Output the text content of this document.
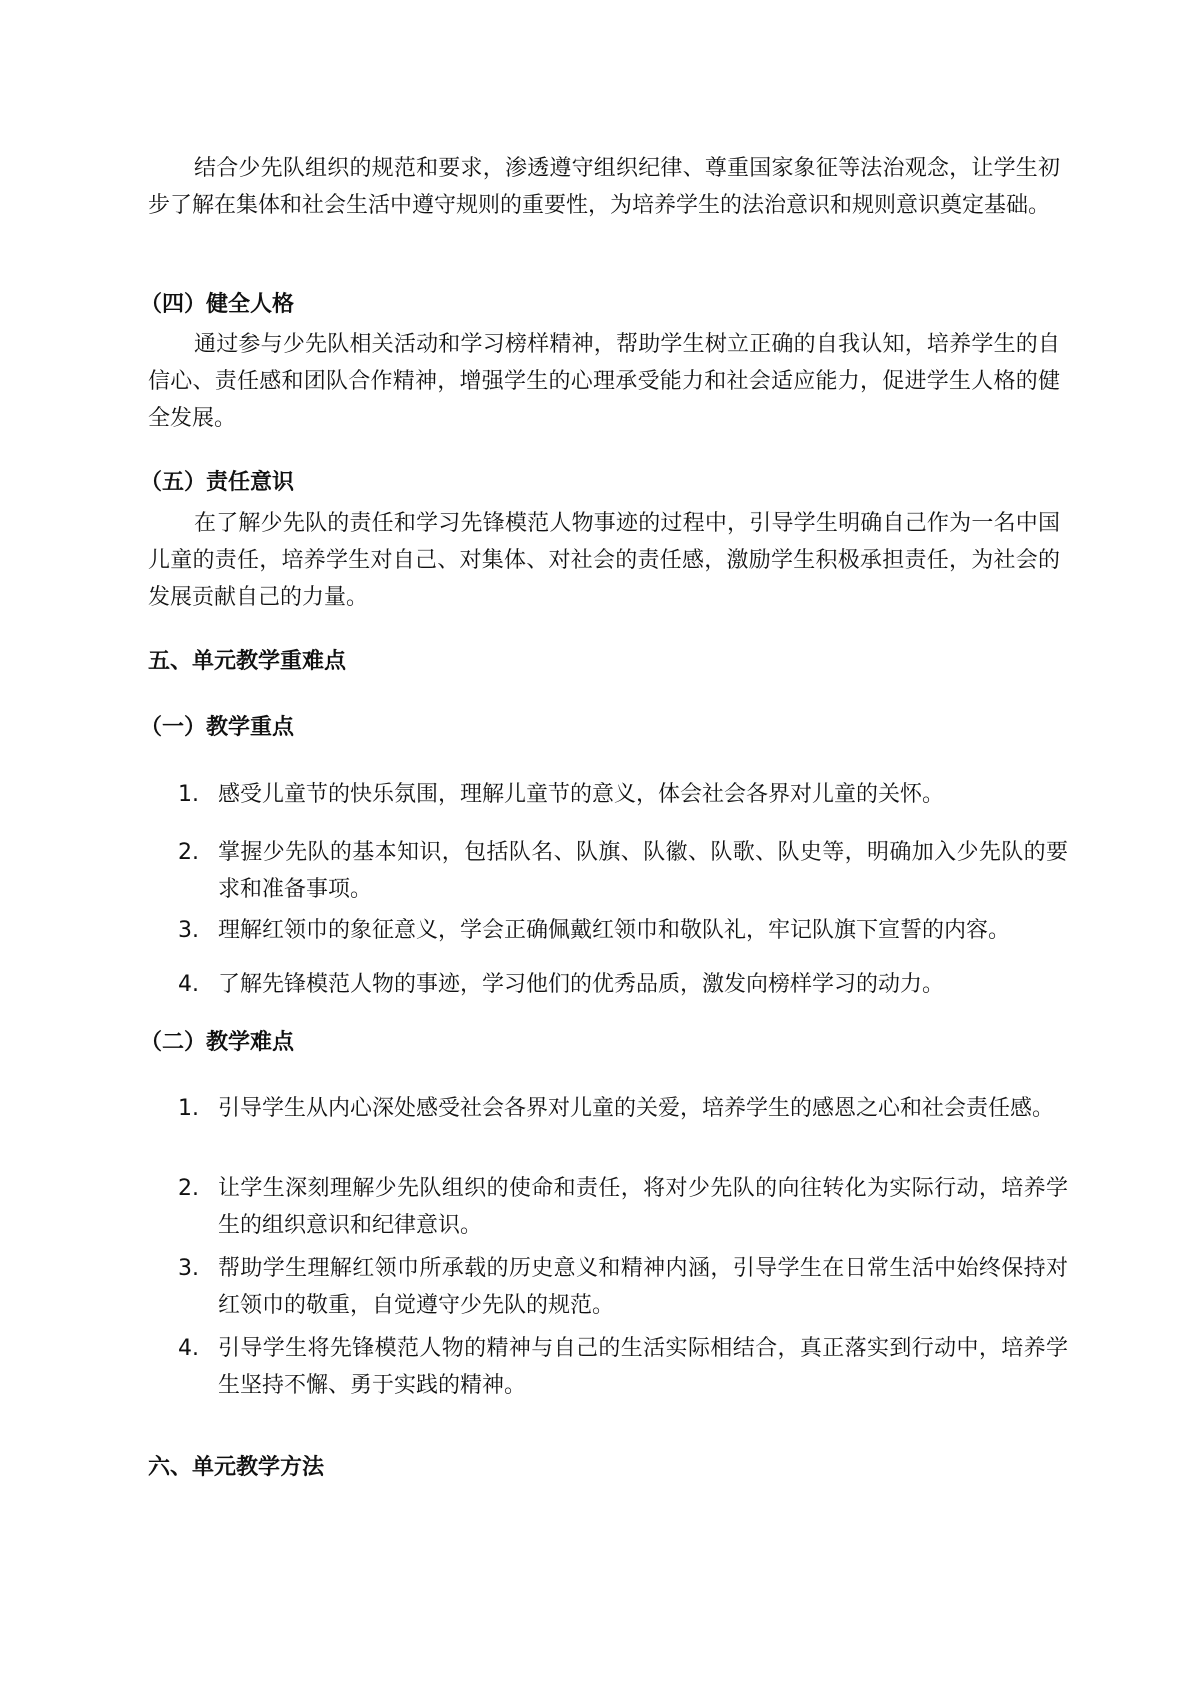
结合少先队组织的规范和要求，渗透遵守组织纪律、尊重国家象征等法治观念，让学生初步了解在集体和社会生活中遵守规则的重要性，为培养学生的法治意识和规则意识奠定基础。

（四）健全人格

通过参与少先队相关活动和学习榜样精神，帮助学生树立正确的自我认知，培养学生的自信心、责任感和团队合作精神，增强学生的心理承受能力和社会适应能力，促进学生人格的健全发展。

（五）责任意识

在了解少先队的责任和学习先锋模范人物事迹的过程中，引导学生明确自己作为一名中国儿童的责任，培养学生对自己、对集体、对社会的责任感，激励学生积极承担责任，为社会的发展贡献自己的力量。

五、单元教学重难点
（一）教学重点
1. 感受儿童节的快乐氛围，理解儿童节的意义，体会社会各界对儿童的关怀。
2. 掌握少先队的基本知识，包括队名、队旗、队徽、队歌、队史等，明确加入少先队的要求和准备事项。
3. 理解红领巾的象征意义，学会正确佩戴红领巾和敬队礼，牢记队旗下宣誓的内容。
4. 了解先锋模范人物的事迹，学习他们的优秀品质，激发向榜样学习的动力。
（二）教学难点
1. 引导学生从内心深处感受社会各界对儿童的关爱，培养学生的感恩之心和社会责任感。
2. 让学生深刻理解少先队组织的使命和责任，将对少先队的向往转化为实际行动，培养学生的组织意识和纪律意识。
3. 帮助学生理解红领巾所承载的历史意义和精神内涵，引导学生在日常生活中始终保持对红领巾的敬重，自觉遵守少先队的规范。
4. 引导学生将先锋模范人物的精神与自己的生活实际相结合，真正落实到行动中，培养学生坚持不懈、勇于实践的精神。
六、单元教学方法
